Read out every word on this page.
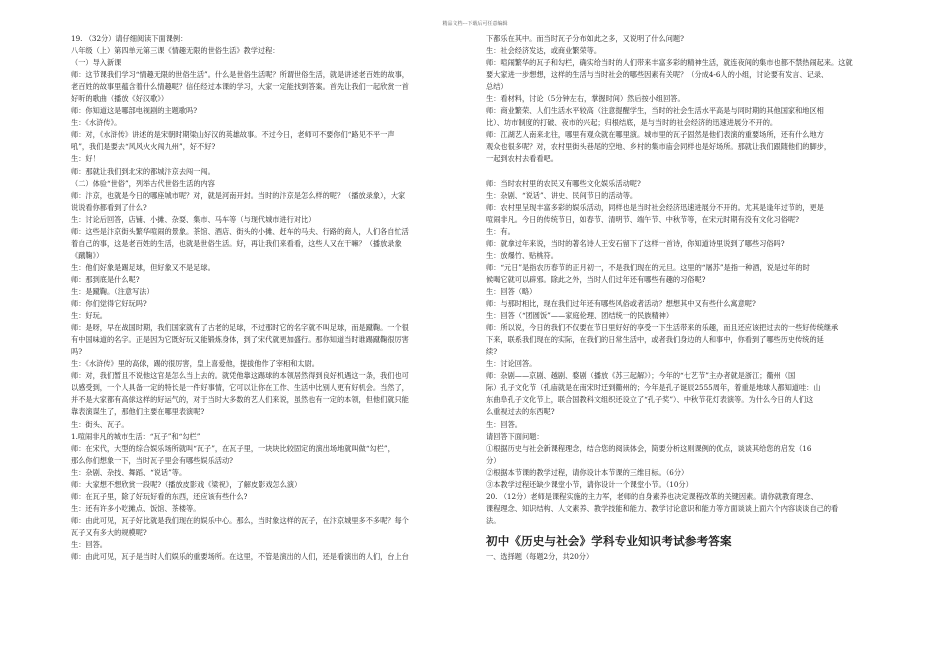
精品文档---下载后可任意编辑
19. （32分）请仔细阅读下面课例：
八年级（上）第四单元第三课《情趣无限的世俗生活》教学过程：
（一）导入新课
师：这节课我们学习“情趣无限的世俗生活”。什么是世俗生活呢？所谓世俗生活，就是讲述老百姓的故事，
老百姓的故事里蕴含着什么情趣呢？信任经过本课的学习，大家一定能找到答案。首先让我们一起欣赏一首
好听的歌曲（播放《好汉歌》）
师：你知道这是哪部电视剧的主题歌吗?
生：《水浒传》。
师：对，《水浒传》讲述的是宋朝时期梁山好汉的英雄故事。不过今日，老师可不要你们“路见不平一声
吼”，我们是要去“风风火火闯九州”，好不好?
生：好！
师：那就让我们到北宋的都城汴京去闯一闯。
（二）体验“世俗”，列举古代世俗生活的内容
师：汴京，也就是今日的哪座城市呢？对，就是河南开封。当时的汴京是怎么样的呢？（播放录象），大家
说说看你都看到了什么?
生：讨论后回答，店铺、小摊、杂耍、集市、马车等（与现代城市进行对比）
师：这些是汴京街头繁华喧闹的景象。茶馆、酒店、街头的小摊、赶车的马夫、行路的商人，人们各自忙活
着自己的事，这是老百姓的生活，也就是世俗生活。好，再让我们来看看，这些人又在干嘛？（播放录象
《蹴鞠》）
生：他们好象是踢足球，但好象又不是足球。
师：那到底是什么呢?
生：是蹴鞠。（注意写法）
师：你们觉得它好玩吗?
生：好玩。
师：是呀，早在战国时期，我们国家就有了古老的足球，不过那时它的名字就不叫足球，而是蹴鞠。一个很
有中国味道的名字。正是因为它既好玩又能锻炼身体，到了宋代就更加盛行。那你知道当时谁踢蹴鞠很厉害
吗?
生：《水浒传》里的高俅，踢的很厉害，皇上喜爱他，提拔他作了宰相和太尉。
师：对，我们暂且不说他这官是怎么当上去的。就凭他靠这踢球的本领居然得到良好机遇这一条，我们也可
以感受到，一个人具备一定的特长是一件好事情，它可以让你在工作、生活中比别人更有好机会。当然了，
并不是大家都有高俅这样的好运气的，对于当时大多数的艺人们来说，虽然也有一定的本领，但他们就只能
靠表演谋生了，那他们主要在哪里表演呢?
生：街头、瓦子。
1.喧闹非凡的城市生活：“瓦子”和“勾栏”
师：在宋代，大型的综合娱乐场所就叫“瓦子”，在瓦子里，一块块比较固定的演出场地就叫做“勾栏”，
那么你们想象一下，当时瓦子里会有哪些娱乐活动?
生：杂剧、杂技、舞蹈、“说话”等。
师：大家想不想欣赏一段呢?（播放皮影戏《梁祝》，了解皮影戏怎么演）
师：在瓦子里，除了好玩好看的东西，还应该有些什么?
生：还有许多小吃摊点、饭馆、茶楼等。
师：由此可见，瓦子好比就是我们现在的娱乐中心。那么，当时象这样的瓦子，在汴京城里多不多呢？每个
瓦子又有多大的规模呢?
生：回答。
师：由此可见，瓦子是当时人们娱乐的重要场所。在这里，不管是演出的人们，还是看演出的人们，台上台
下都乐在其中。而当时瓦子分布如此之多，又说明了什么问题?
生：社会经济发达，或商业繁荣等。
师：喧闹繁华的瓦子和勾栏，确实给当时的人们带来丰富多彩的精神生活，就连夜间的集市也都不禁热闹起来。这就
要大家进一步想想，这样的生活与当时社会的哪些因素有关呢？（分成4-6人的小组，讨论要有发言、记录、
总结）
生：看材料，讨论（5分钟左右，掌握时间）然后按小组回答。
师：商业繁荣、人们生活水平较高（注意提醒学生，当时的社会生活水平高是与同时期的其他国家和地区相
比）、坊市制度的打破、夜市的兴起；归根结底，是与当时的社会经济的迅速进展分不开的。
师：江湖艺人南来北往，哪里有观众就在哪里演。城市里的瓦子固然是他们表演的重要场所，还有什么地方
观众也很多呢？对，农村里街头巷尾的空地、乡村的集市庙会同样也是好场所。那就让我们跟随他们的脚步，
一起到农村去看看吧。

师：当时农村里的农民又有哪些文化娱乐活动呢?
生：杂剧、“说话”、讲史、民间节日的活动等。
师：农村里呈现丰富多彩的娱乐活动，同样也是当时社会经济迅速进展分不开的。尤其是逢年过节的，更是
喧闹非凡。今日的传统节日，如春节、清明节、端午节、中秋节等，在宋元时期有没有文化习俗呢?
生：有。
师：就拿过年来说，当时的著名诗人王安石留下了这样一首诗，你知道诗里说到了哪些习俗吗?
生：放爆竹、贴桃符。
师：“元日”是指农历春节的正月初一，不是我们现在的元旦。这里的“屠苏”是指一种酒，说是过年的时
候喝它就可以辟邪。除此之外，当时人们过年还有哪些有趣的习俗呢?
生：回答（略）
师：与那时相比，现在我们过年还有哪些风俗或者活动？想想其中又有些什么寓意呢?
生：回答（“团圆饭”——家庭伦理、团结统一的民族精神）
师：所以说，今日的我们不仅要在节日里好好的享受一下生活带来的乐趣，而且还应该把过去的一些好传统继承
下来，联系我们现在的实际，在我们的日常生活中，或者我们身边的人和事中，你看到了哪些历史传统的延
续?
生：讨论回答。
师：杂剧——京剧、越剧、婺剧（播放《苏三起解》）；今年的“七艺节”主办者就是浙江；衢州（国
际）孔子文化节（孔庙就是在南宋时迁到衢州的；今年是孔子诞辰2555周年，着重是地球人都知道哇：山
东曲阜孔子文化节上，联合国教科文组织还设立了“孔子奖”）、中秋节花灯表演等。为什么今日的人们这
么重视过去的东西呢?
生：回答。
请回答下面问题：
①根据历史与社会新课程理念，结合您的阅读体会，简要分析这则课例的优点，谈谈其给您的启发（16
分）
②根据本节课的教学过程，请你设计本节课的三维目标。（6分）
③本教学过程还缺少课堂小节，请你设计一个课堂小节。（10分）
20. （12分）老师是课程实施的主力军，老师的自身素养也决定课程改革的关键因素。请你就教育理念、
课程理念、知识结构、人文素养、教学技能和能力、教学讨论意识和能力等方面谈谈上面六个内容谈谈自己的看
法。
初中《历史与社会》学科专业知识考试参考答案
一、选择题（每题2分，共20分）
